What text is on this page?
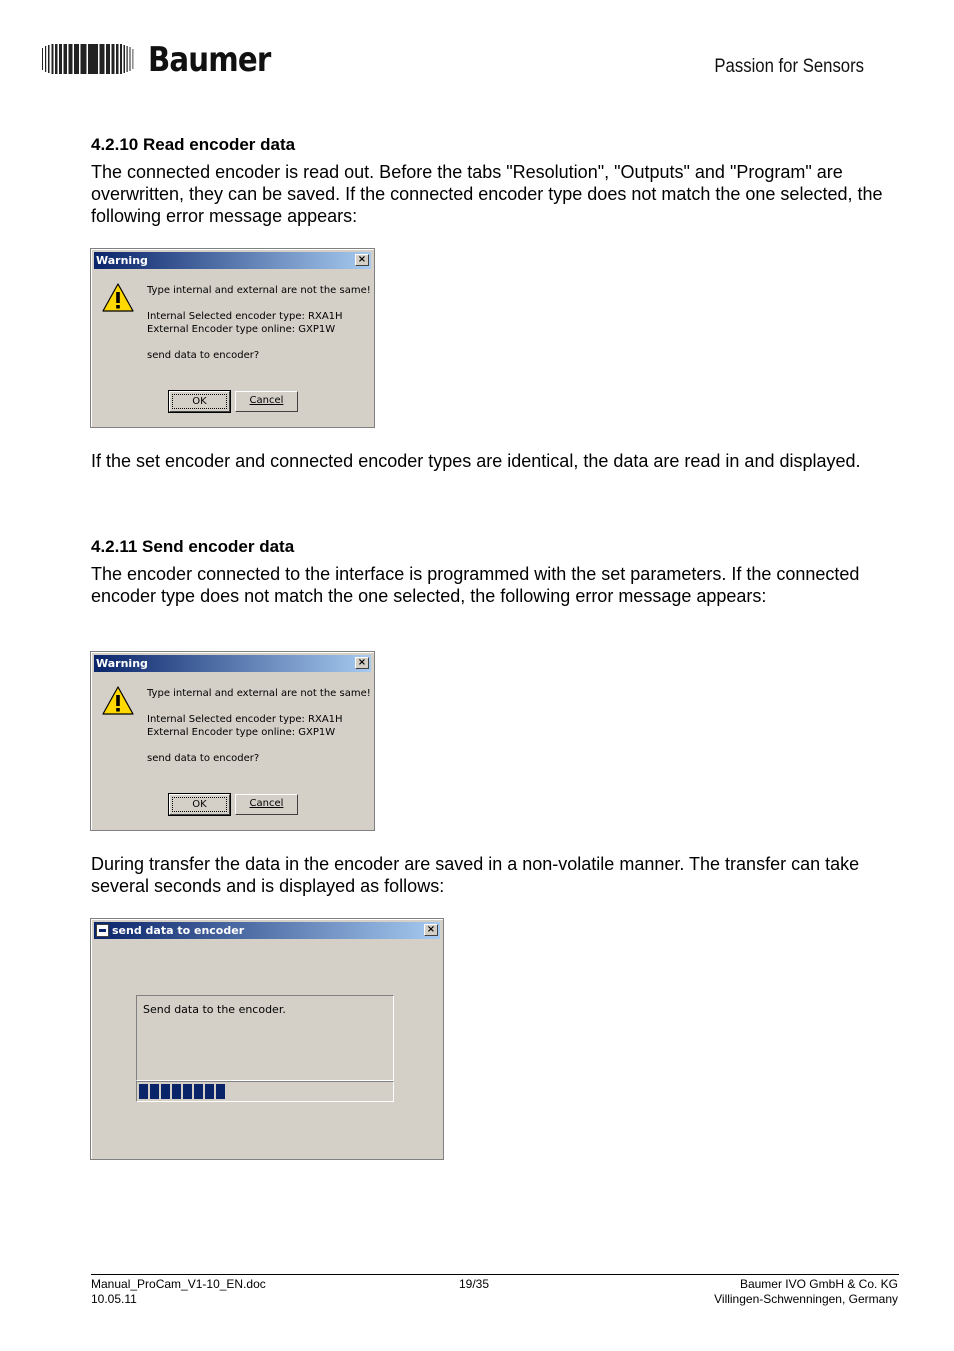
Baumer	Passion for Sensors
4.2.10 Read encoder data

The connected encoder is read out. Before the tabs "Resolution", "Outputs" and "Program" are overwritten, they can be saved. If the connected encoder type does not match the one selected, the following error message appears:

Warning	×
Type internal and external are not the same!
Internal Selected encoder type: RXA1H
External Encoder type online: GXP1W
send data to encoder?
OK	Cancel

If the set encoder and connected encoder types are identical, the data are read in and displayed.

4.2.11 Send encoder data

The encoder connected to the interface is programmed with the set parameters. If the connected encoder type does not match the one selected, the following error message appears:

Warning	×
Type internal and external are not the same!
Internal Selected encoder type: RXA1H
External Encoder type online: GXP1W
send data to encoder?
OK	Cancel

During transfer the data in the encoder are saved in a non-volatile manner. The transfer can take several seconds and is displayed as follows:

send data to encoder	×
Send data to the encoder.
Manual_ProCam_V1-10_EN.doc
10.05.11
19/35	Baumer IVO GmbH & Co. KG
Villingen-Schwenningen, Germany
